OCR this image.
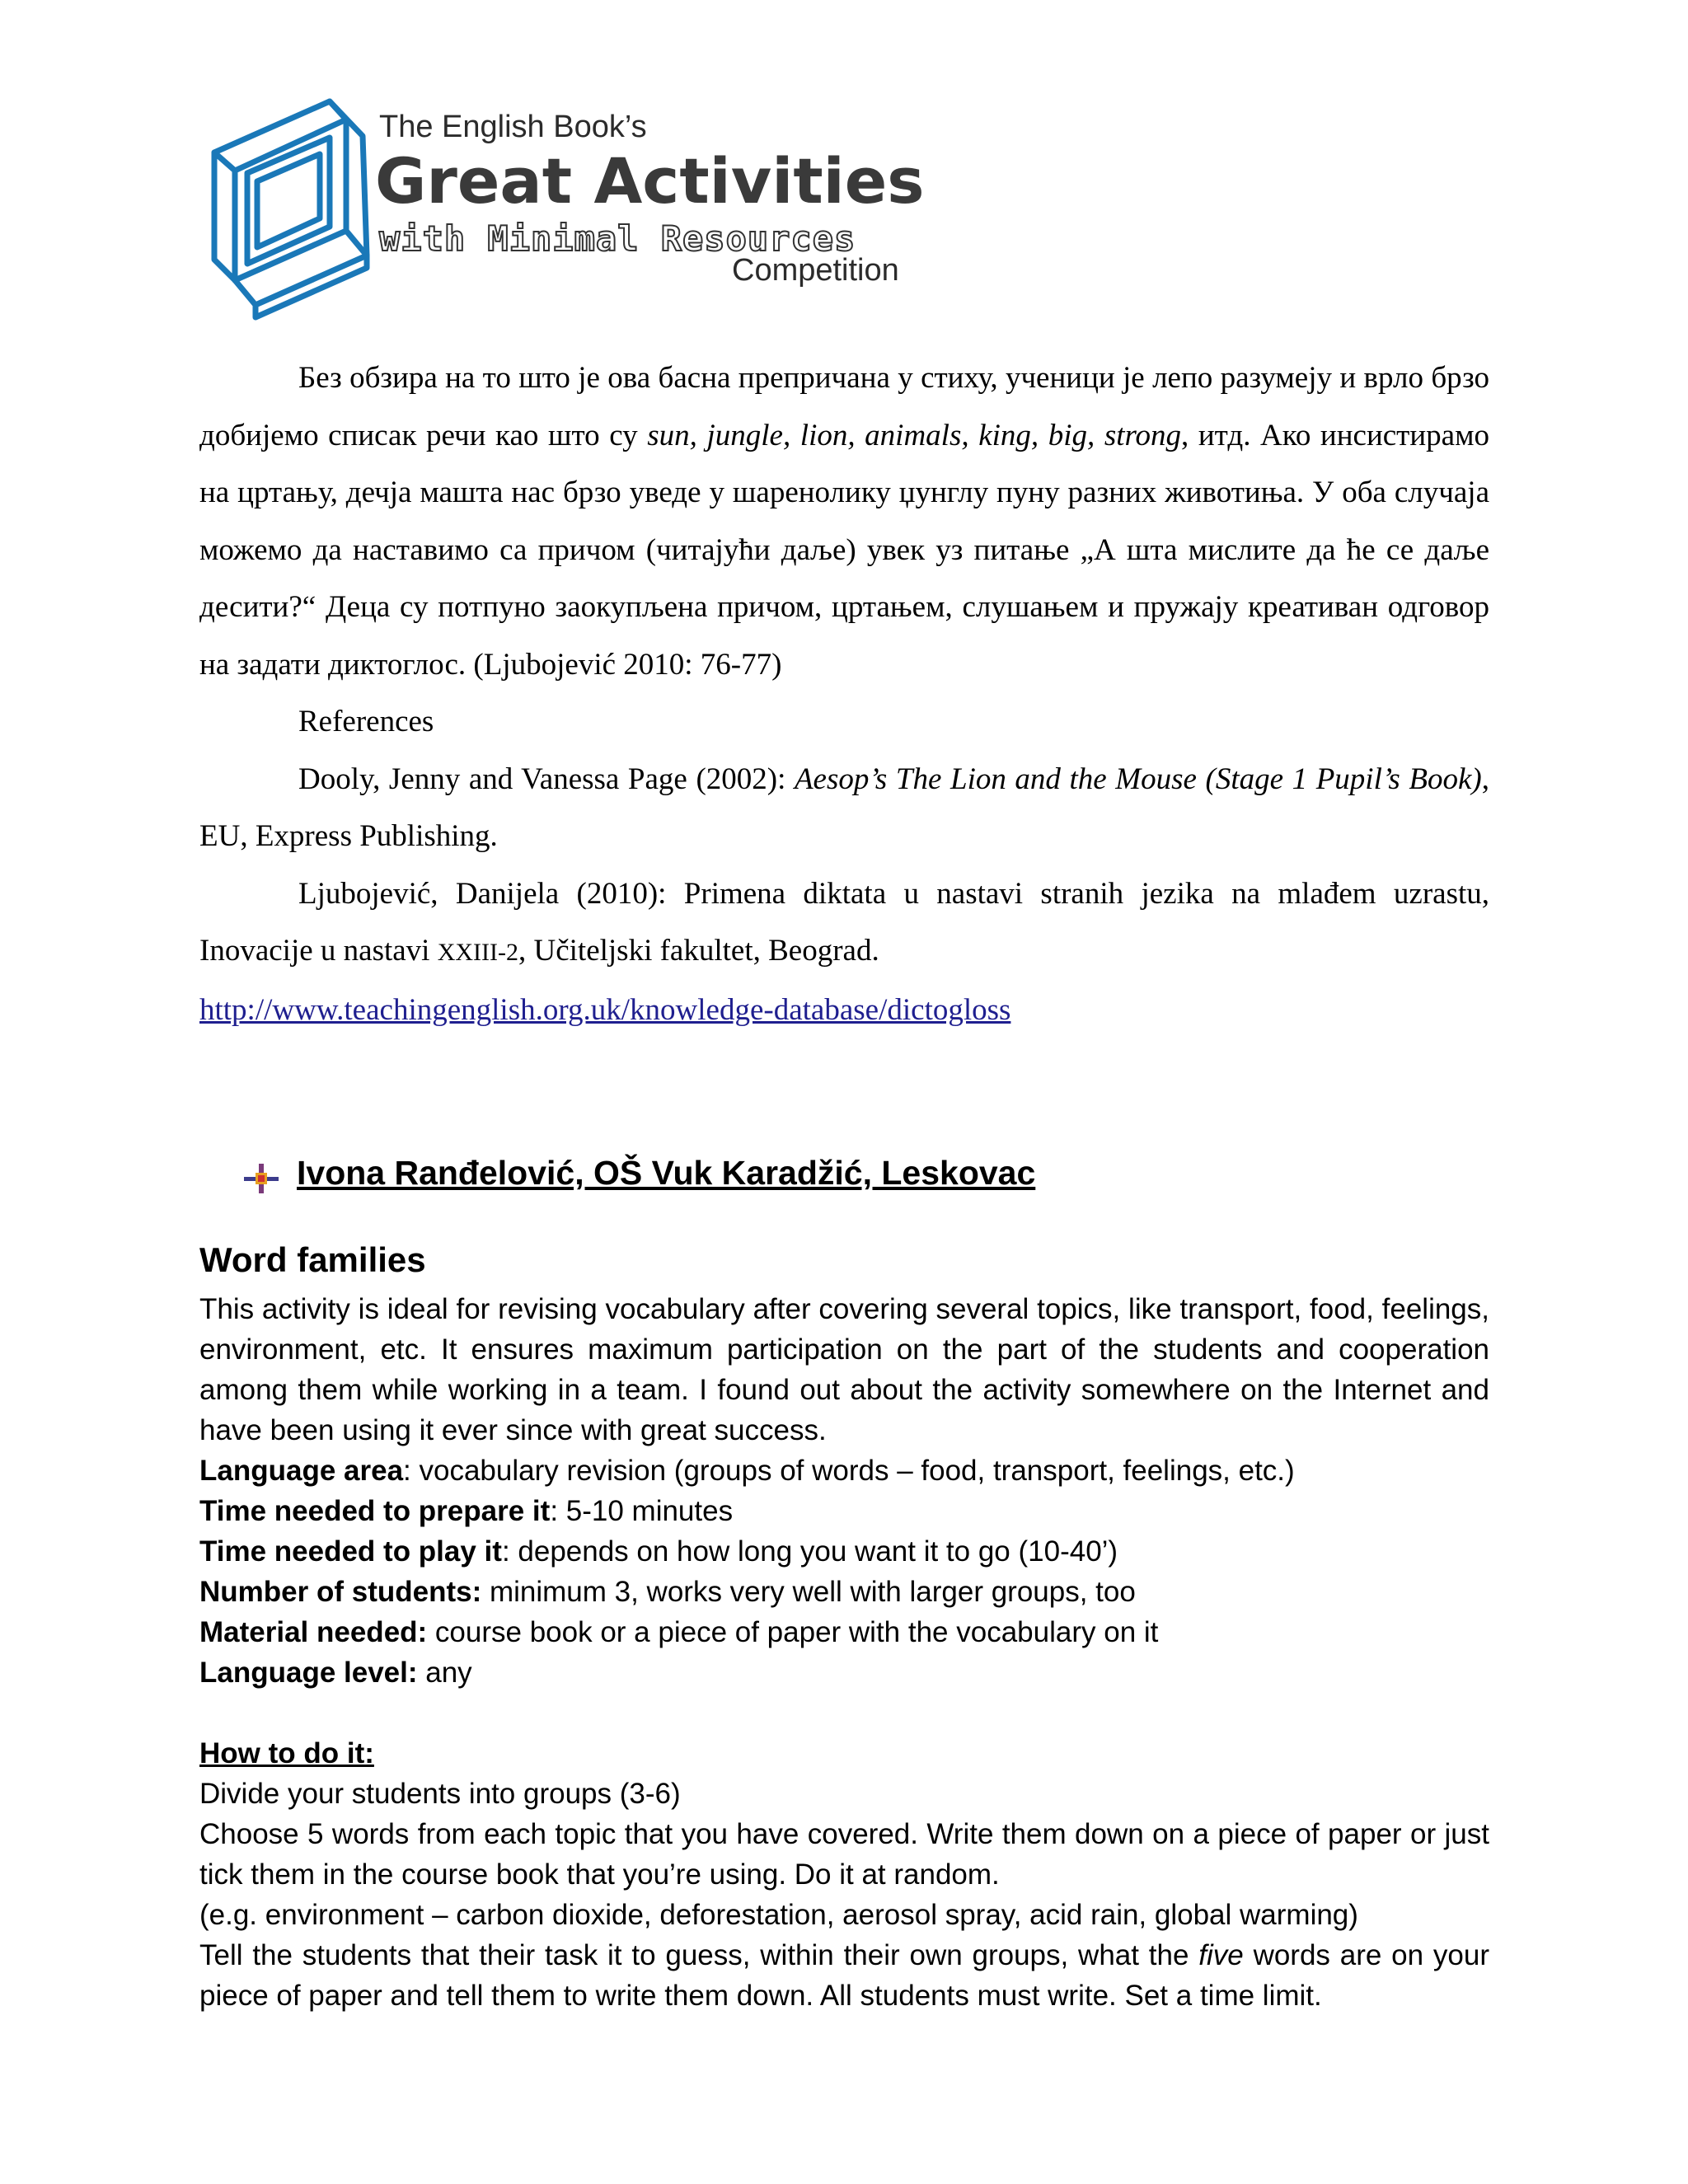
The English Book’s
Great Activities
with Minimal Resources
Competition

Без обзира на то што је ова басна препричана у стиху, ученици је лепо разумеју и врло брзо добијемо списак речи као што су sun, jungle, lion, animals, king, big, strong, итд. Ако инсистирамо на цртању, дечја машта нас брзо уведе у шаренолику џунглу пуну разних животиња. У оба случаја можемо да наставимо са причом (читајући даље) увек уз питање „А шта мислите да ће се даље десити?“ Деца су потпуно заокупљена причом, цртањем, слушањем и пружају креативан одговор на задати диктоглос. (Ljubojević 2010: 76-77)

References

Dooly, Jenny and Vanessa Page (2002): Aesop’s The Lion and the Mouse (Stage 1 Pupil’s Book), EU, Express Publishing.

Ljubojević, Danijela (2010): Primena diktata u nastavi stranih jezika na mlađem uzrastu, Inovacije u nastavi XXIII-2, Učiteljski fakultet, Beograd.

http://www.teachingenglish.org.uk/knowledge-database/dictogloss

Ivona Ranđelović, OŠ Vuk Karadžić, Leskovac
Word families

This activity is ideal for revising vocabulary after covering several topics, like transport, food, feelings, environment, etc. It ensures maximum participation on the part of the students and cooperation among them while working in a team. I found out about the activity somewhere on the Internet and have been using it ever since with great success.

Language area: vocabulary revision (groups of words – food, transport, feelings, etc.)

Time needed to prepare it: 5-10 minutes

Time needed to play it: depends on how long you want it to go (10-40’)

Number of students: minimum 3, works very well with larger groups, too

Material needed: course book or a piece of paper with the vocabulary on it

Language level: any

How to do it:

Divide your students into groups (3-6)

Choose 5 words from each topic that you have covered. Write them down on a piece of paper or just tick them in the course book that you’re using. Do it at random.

(e.g. environment – carbon dioxide, deforestation, aerosol spray, acid rain, global warming)

Tell the students that their task it to guess, within their own groups, what the five words are on your piece of paper and tell them to write them down. All students must write. Set a time limit.
